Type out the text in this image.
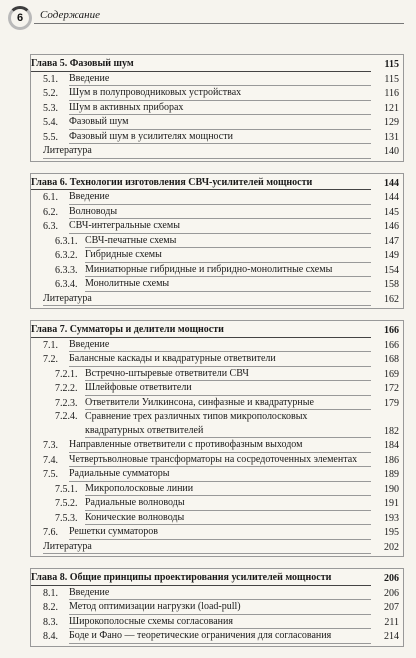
6 Содержание
Глава 5. Фазовый шум	115
5.1.	Введение	115
5.2.	Шум в полупроводниковых устройствах	116
5.3.	Шум в активных приборах	121
5.4.	Фазовый шум	129
5.5.	Фазовый шум в усилителях мощности	131
Литература	140
Глава 6. Технологии изготовления СВЧ-усилителей мощности	144
6.1.	Введение	144
6.2.	Волноводы	145
6.3.	СВЧ-интегральные схемы	146
6.3.1. СВЧ-печатные схемы	147
6.3.2. Гибридные схемы	149
6.3.3. Миниатюрные гибридные и гибридно-монолитные схемы	154
6.3.4. Монолитные схемы	158
Литература	162
Глава 7. Сумматоры и делители мощности	166
7.1.	Введение	166
7.2.	Балансные каскады и квадратурные ответвители	168
7.2.1. Встречно-штыревые ответвители СВЧ	169
7.2.2. Шлейфовые ответвители	172
7.2.3. Ответвители Уилкинсона, синфазные и квадратурные	179
7.2.4. Сравнение трех различных типов микрополосковых
квадратурных ответвителей	182
7.3.	Направленные ответвители с противофазным выходом	184
7.4.	Четвертьволновые трансформаторы на сосредоточенных элементах	186
7.5.	Радиальные сумматоры	189
7.5.1. Микрополосковые линии	190
7.5.2. Радиальные волноводы	191
7.5.3. Конические волноводы	193
7.6.	Решетки сумматоров	195
Литература	202
Глава 8. Общие принципы проектирования усилителей мощности	206
8.1.	Введение	206
8.2.	Метод оптимизации нагрузки (load-pull)	207
8.3.	Широкополосные схемы согласования	211
8.4.	Боде и Фано — теоретические ограничения для согласования	214
